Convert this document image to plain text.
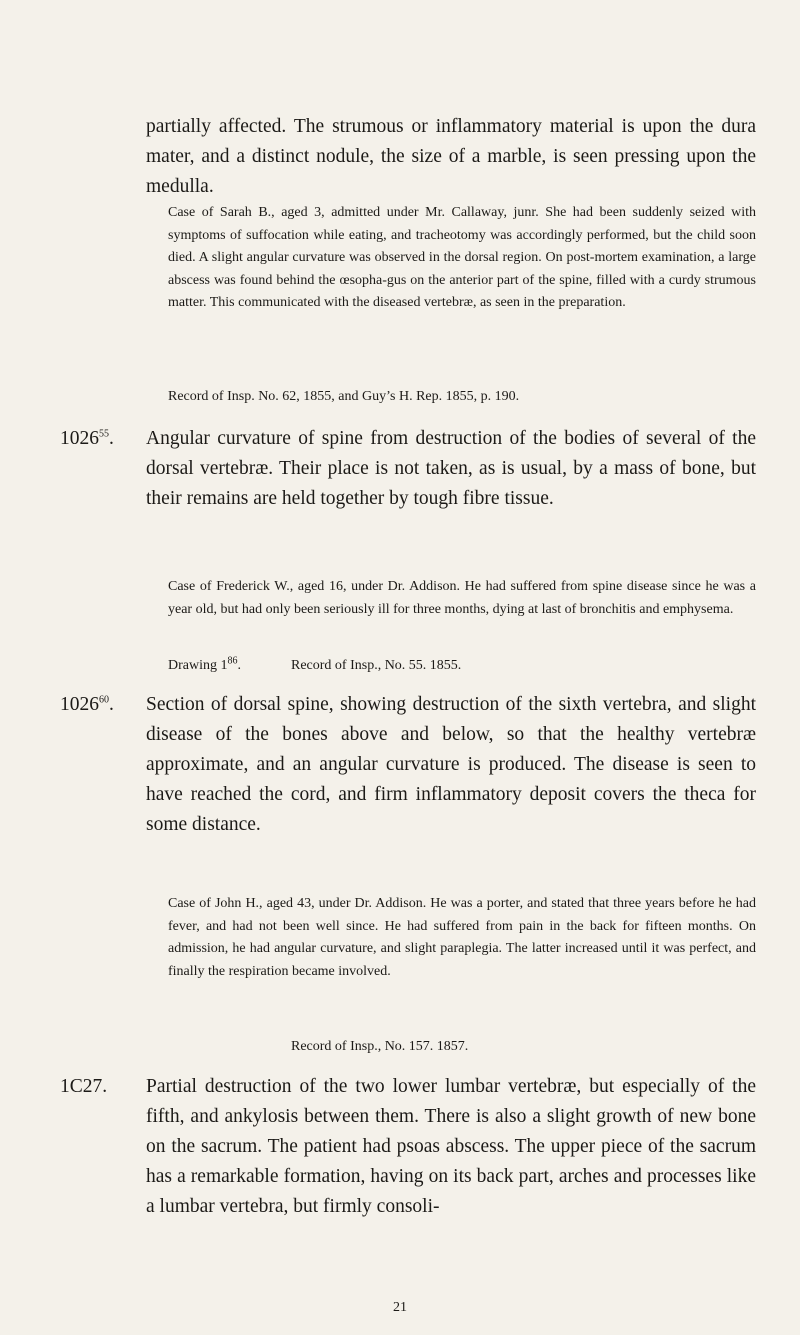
partially affected. The strumous or inflammatory material is upon the dura mater, and a distinct nodule, the size of a marble, is seen pressing upon the medulla.

Case of Sarah B., aged 3, admitted under Mr. Callaway, junr. She had been suddenly seized with symptoms of suffocation while eating, and tracheotomy was accordingly performed, but the child soon died. A slight angular curvature was observed in the dorsal region. On post-mortem examination, a large abscess was found behind the œsopha-gus on the anterior part of the spine, filled with a curdy strumous matter. This communicated with the diseased vertebræ, as seen in the preparation.

Record of Insp. No. 62, 1855, and Guy’s H. Rep. 1855, p. 190.
1026$^{55}$.	Angular curvature of spine from destruction of the bodies of several of the dorsal vertebræ. Their place is not taken, as is usual, by a mass of bone, but their remains are held together by tough fibre tissue.

Case of Frederick W., aged 16, under Dr. Addison. He had suffered from spine disease since he was a year old, but had only been seriously ill for three months, dying at last of bronchitis and emphysema.

Drawing $1^{86}$.	Record of Insp., No. 55. 1855.
1026$^{60}$.	Section of dorsal spine, showing destruction of the sixth vertebra, and slight disease of the bones above and below, so that the healthy vertebræ approximate, and an angular curvature is produced. The disease is seen to have reached the cord, and firm inflammatory deposit covers the theca for some distance.

Case of John H., aged 43, under Dr. Addison. He was a porter, and stated that three years before he had fever, and had not been well since. He had suffered from pain in the back for fifteen months. On admission, he had angular curvature, and slight paraplegia. The latter increased until it was perfect, and finally the respiration became involved.

Record of Insp., No. 157. 1857.
1C27.	Partial destruction of the two lower lumbar vertebræ, but especially of the fifth, and ankylosis between them. There is also a slight growth of new bone on the sacrum. The patient had psoas abscess. The upper piece of the sacrum has a remarkable formation, having on its back part, arches and processes like a lumbar vertebra, but firmly consoli-

21
